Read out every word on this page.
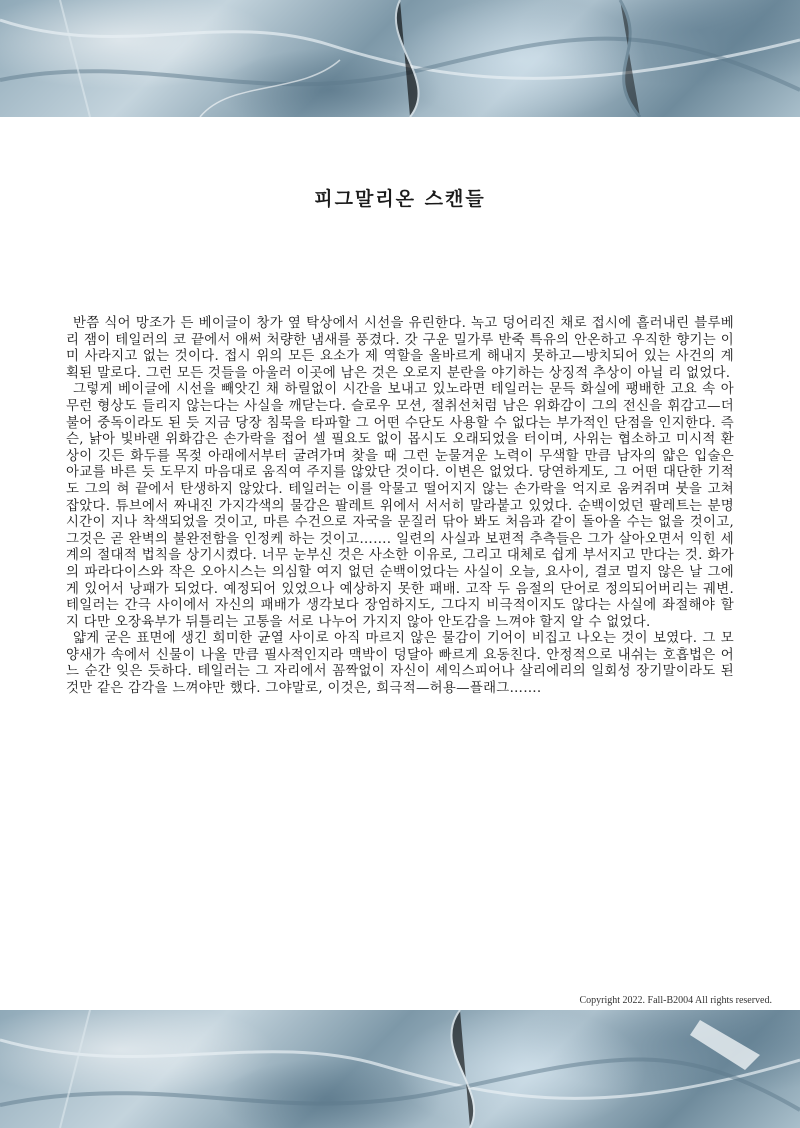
피그말리온 스캔들

반쯤 식어 망조가 든 베이글이 창가 옆 탁상에서 시선을 유린한다. 녹고 덩어리진 채로 접시에 흘러내린 블루베리 잼이 테일러의 코 끝에서 애써 처량한 냄새를 풍겼다. 갓 구운 밀가루 반죽 특유의 안온하고 우직한 향기는 이미 사라지고 없는 것이다. 접시 위의 모든 요소가 제 역할을 올바르게 해내지 못하고—방치되어 있는 사건의 계획된 말로다. 그런 모든 것들을 아울러 이곳에 남은 것은 오로지 분란을 야기하는 상징적 추상이 아닐 리 없었다.

그렇게 베이글에 시선을 빼앗긴 채 하릴없이 시간을 보내고 있노라면 테일러는 문득 화실에 팽배한 고요 속 아무런 형상도 들리지 않는다는 사실을 깨닫는다. 슬로우 모션, 절취선처럼 남은 위화감이 그의 전신을 휘감고—더불어 중독이라도 된 듯 지금 당장 침묵을 타파할 그 어떤 수단도 사용할 수 없다는 부가적인 단점을 인지한다. 즉슨, 낡아 빛바랜 위화감은 손가락을 접어 셀 필요도 없이 몹시도 오래되었을 터이며, 사위는 협소하고 미시적 환상이 깃든 화두를 목젖 아래에서부터 굴려가며 찾을 때 그런 눈물겨운 노력이 무색할 만큼 남자의 얇은 입술은 아교를 바른 듯 도무지 마음대로 움직여 주지를 않았단 것이다. 이변은 없었다. 당연하게도, 그 어떤 대단한 기적도 그의 혀 끝에서 탄생하지 않았다. 테일러는 이를 악물고 떨어지지 않는 손가락을 억지로 움켜쥐며 붓을 고쳐 잡았다. 튜브에서 짜내진 가지각색의 물감은 팔레트 위에서 서서히 말라붙고 있었다. 순백이었던 팔레트는 분명 시간이 지나 착색되었을 것이고, 마른 수건으로 자국을 문질러 닦아 봐도 처음과 같이 돌아올 수는 없을 것이고, 그것은 곧 완벽의 불완전함을 인정케 하는 것이고……. 일련의 사실과 보편적 추측들은 그가 살아오면서 익힌 세계의 절대적 법칙을 상기시켰다. 너무 눈부신 것은 사소한 이유로, 그리고 대체로 쉽게 부서지고 만다는 것. 화가의 파라다이스와 작은 오아시스는 의심할 여지 없던 순백이었다는 사실이 오늘, 요사이, 결코 멀지 않은 날 그에게 있어서 낭패가 되었다. 예정되어 있었으나 예상하지 못한 패배. 고작 두 음절의 단어로 정의되어버리는 궤변. 테일러는 간극 사이에서 자신의 패배가 생각보다 장엄하지도, 그다지 비극적이지도 않다는 사실에 좌절해야 할지 다만 오장육부가 뒤틀리는 고통을 서로 나누어 가지지 않아 안도감을 느껴야 할지 알 수 없었다.

얇게 굳은 표면에 생긴 희미한 균열 사이로 아직 마르지 않은 물감이 기어이 비집고 나오는 것이 보였다. 그 모양새가 속에서 신물이 나올 만큼 필사적인지라 맥박이 덩달아 빠르게 요동친다. 안정적으로 내쉬는 호흡법은 어느 순간 잊은 듯하다. 테일러는 그 자리에서 꼼짝없이 자신이 셰익스피어나 살리에리의 일회성 장기말이라도 된 것만 같은 감각을 느껴야만 했다. 그야말로, 이것은, 희극적—허용—플래그…….

Copyright 2022. Fall-B2004 All rights reserved.
